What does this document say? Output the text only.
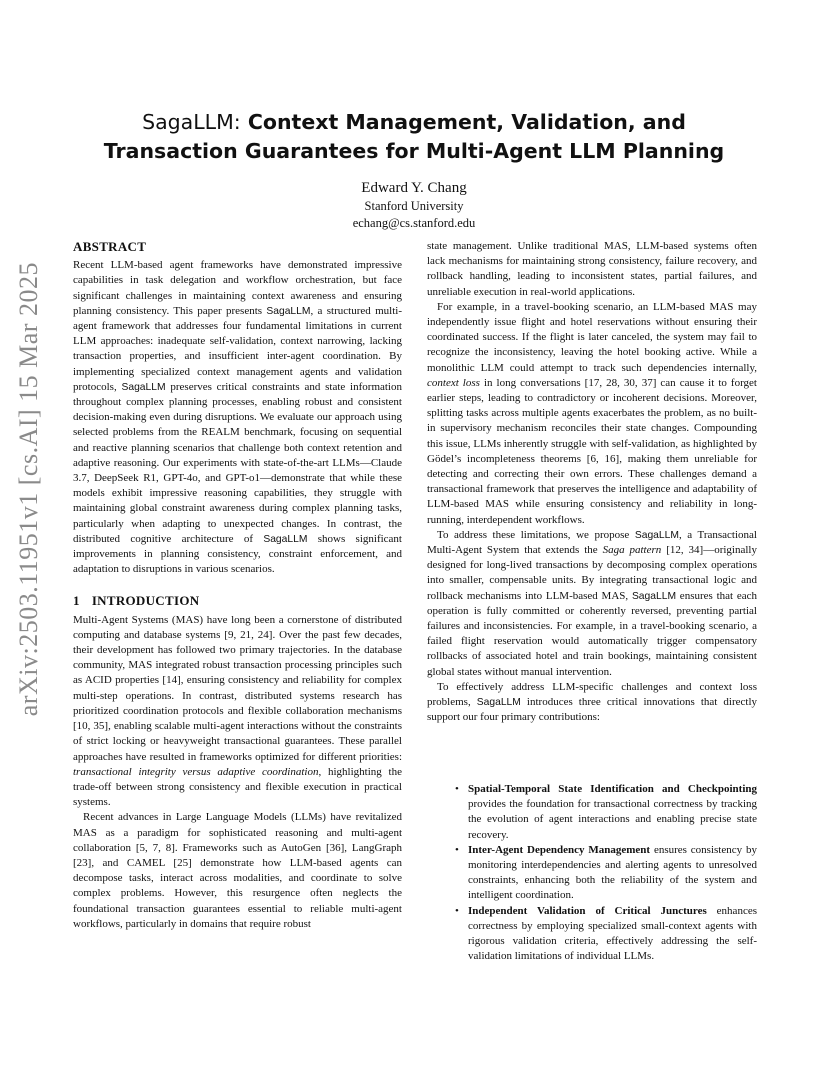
arXiv:2503.11951v1 [cs.AI] 15 Mar 2025
SagaLLM: Context Management, Validation, and Transaction Guarantees for Multi-Agent LLM Planning
Edward Y. Chang
Stanford University
echang@cs.stanford.edu
ABSTRACT

Recent LLM-based agent frameworks have demonstrated impressive capabilities in task delegation and workflow orchestration, but face significant challenges in maintaining context awareness and ensuring planning consistency. This paper presents SagaLLM, a structured multi-agent framework that addresses four fundamental limitations in current LLM approaches: inadequate self-validation, context narrowing, lacking transaction properties, and insufficient inter-agent coordination. By implementing specialized context management agents and validation protocols, SagaLLM preserves critical constraints and state information throughout complex planning processes, enabling robust and consistent decision-making even during disruptions. We evaluate our approach using selected problems from the REALM benchmark, focusing on sequential and reactive planning scenarios that challenge both context retention and adaptive reasoning. Our experiments with state-of-the-art LLMs—Claude 3.7, DeepSeek R1, GPT-4o, and GPT-o1—demonstrate that while these models exhibit impressive reasoning capabilities, they struggle with maintaining global constraint awareness during complex planning tasks, particularly when adapting to unexpected changes. In contrast, the distributed cognitive architecture of SagaLLM shows significant improvements in planning consistency, constraint enforcement, and adaptation to disruptions in various scenarios.

1 INTRODUCTION

Multi-Agent Systems (MAS) have long been a cornerstone of distributed computing and database systems [9, 21, 24]. Over the past few decades, their development has followed two primary trajectories. In the database community, MAS integrated robust transaction processing principles such as ACID properties [14], ensuring consistency and reliability for complex multi-step operations. In contrast, distributed systems research has prioritized coordination protocols and flexible collaboration mechanisms [10, 35], enabling scalable multi-agent interactions without the constraints of strict locking or heavyweight transactional guarantees. These parallel approaches have resulted in frameworks optimized for different priorities: transactional integrity versus adaptive coordination, highlighting the trade-off between strong consistency and flexible execution in practical systems.

Recent advances in Large Language Models (LLMs) have revitalized MAS as a paradigm for sophisticated reasoning and multi-agent collaboration [5, 7, 8]. Frameworks such as AutoGen [36], LangGraph [23], and CAMEL [25] demonstrate how LLM-based agents can decompose tasks, interact across modalities, and coordinate to solve complex problems. However, this resurgence often neglects the foundational transaction guarantees essential to reliable multi-agent workflows, particularly in domains that require robust

state management. Unlike traditional MAS, LLM-based systems often lack mechanisms for maintaining strong consistency, failure recovery, and rollback handling, leading to inconsistent states, partial failures, and unreliable execution in real-world applications.

For example, in a travel-booking scenario, an LLM-based MAS may independently issue flight and hotel reservations without ensuring their coordinated success. If the flight is later canceled, the system may fail to recognize the inconsistency, leaving the hotel booking active. While a monolithic LLM could attempt to track such dependencies internally, context loss in long conversations [17, 28, 30, 37] can cause it to forget earlier steps, leading to contradictory or incoherent decisions. Moreover, splitting tasks across multiple agents exacerbates the problem, as no built-in supervisory mechanism reconciles their state changes. Compounding this issue, LLMs inherently struggle with self-validation, as highlighted by Gödel’s incompleteness theorems [6, 16], making them unreliable for detecting and correcting their own errors. These challenges demand a transactional framework that preserves the intelligence and adaptability of LLM-based MAS while ensuring consistency and reliability in long-running, interdependent workflows.

To address these limitations, we propose SagaLLM, a Transactional Multi-Agent System that extends the Saga pattern [12, 34]—originally designed for long-lived transactions by decomposing complex operations into smaller, compensable units. By integrating transactional logic and rollback mechanisms into LLM-based MAS, SagaLLM ensures that each operation is fully committed or coherently reversed, preventing partial failures and inconsistencies. For example, in a travel-booking scenario, a failed flight reservation would automatically trigger compensatory rollbacks of associated hotel and train bookings, maintaining consistent global states without manual intervention.

To effectively address LLM-specific challenges and context loss problems, SagaLLM introduces three critical innovations that directly support our four primary contributions:

• Spatial-Temporal State Identification and Checkpointing provides the foundation for transactional correctness by tracking the evolution of agent interactions and enabling precise state recovery.
• Inter-Agent Dependency Management ensures consistency by monitoring interdependencies and alerting agents to unresolved constraints, enhancing both the reliability of the system and intelligent coordination.
• Independent Validation of Critical Junctures enhances correctness by employing specialized small-context agents with rigorous validation criteria, effectively addressing the self-validation limitations of individual LLMs.
